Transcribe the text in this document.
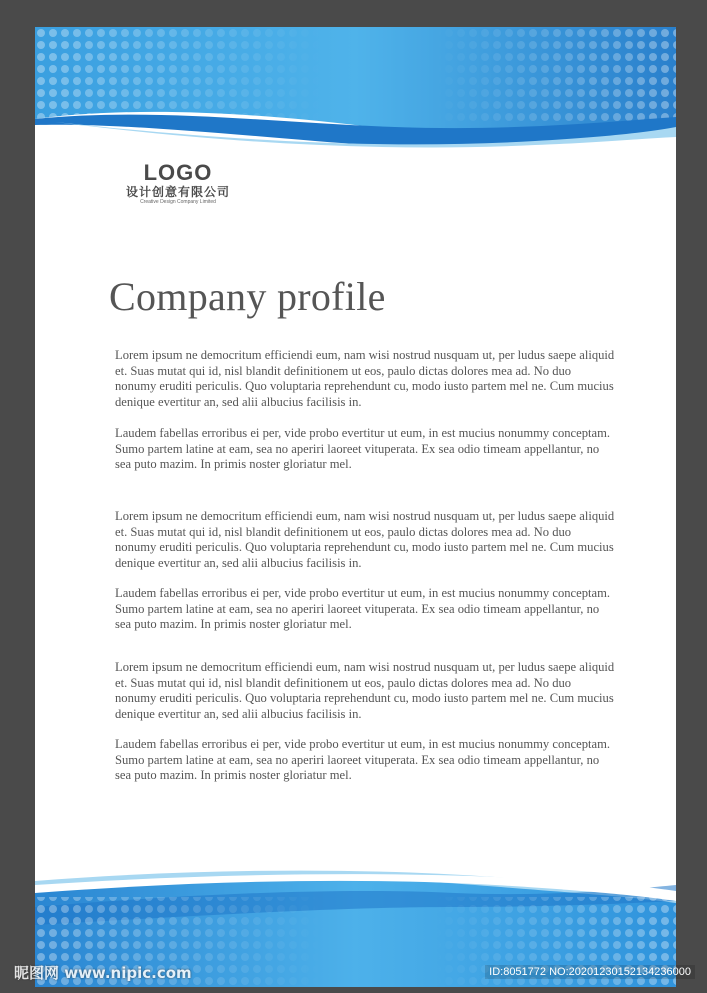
LOGO
设计创意有限公司
Creative Design Company Limited
Company profile

Lorem ipsum ne democritum efficiendi eum, nam wisi nostrud nusquam ut, per ludus saepe aliquid et. Suas mutat qui id, nisl blandit definitionem ut eos, paulo dictas dolores mea ad. No duo nonumy eruditi periculis. Quo voluptaria reprehendunt cu, modo iusto partem mel ne. Cum mucius denique evertitur an, sed alii albucius facilisis in.

Laudem fabellas erroribus ei per, vide probo evertitur ut eum, in est mucius nonummy conceptam. Sumo partem latine at eam, sea no aperiri laoreet vituperata. Ex sea odio timeam appellantur, no sea puto mazim. In primis noster gloriatur mel.

Lorem ipsum ne democritum efficiendi eum, nam wisi nostrud nusquam ut, per ludus saepe aliquid et. Suas mutat qui id, nisl blandit definitionem ut eos, paulo dictas dolores mea ad. No duo nonumy eruditi periculis. Quo voluptaria reprehendunt cu, modo iusto partem mel ne. Cum mucius denique evertitur an, sed alii albucius facilisis in.

Laudem fabellas erroribus ei per, vide probo evertitur ut eum, in est mucius nonummy conceptam. Sumo partem latine at eam, sea no aperiri laoreet vituperata. Ex sea odio timeam appellantur, no sea puto mazim. In primis noster gloriatur mel.

Lorem ipsum ne democritum efficiendi eum, nam wisi nostrud nusquam ut, per ludus saepe aliquid et. Suas mutat qui id, nisl blandit definitionem ut eos, paulo dictas dolores mea ad. No duo nonumy eruditi periculis. Quo voluptaria reprehendunt cu, modo iusto partem mel ne. Cum mucius denique evertitur an, sed alii albucius facilisis in.

Laudem fabellas erroribus ei per, vide probo evertitur ut eum, in est mucius nonummy conceptam. Sumo partem latine at eam, sea no aperiri laoreet vituperata. Ex sea odio timeam appellantur, no sea puto mazim. In primis noster gloriatur mel.

昵图网 www.nipic.com	ID:8051772 NO:20201230152134236000
